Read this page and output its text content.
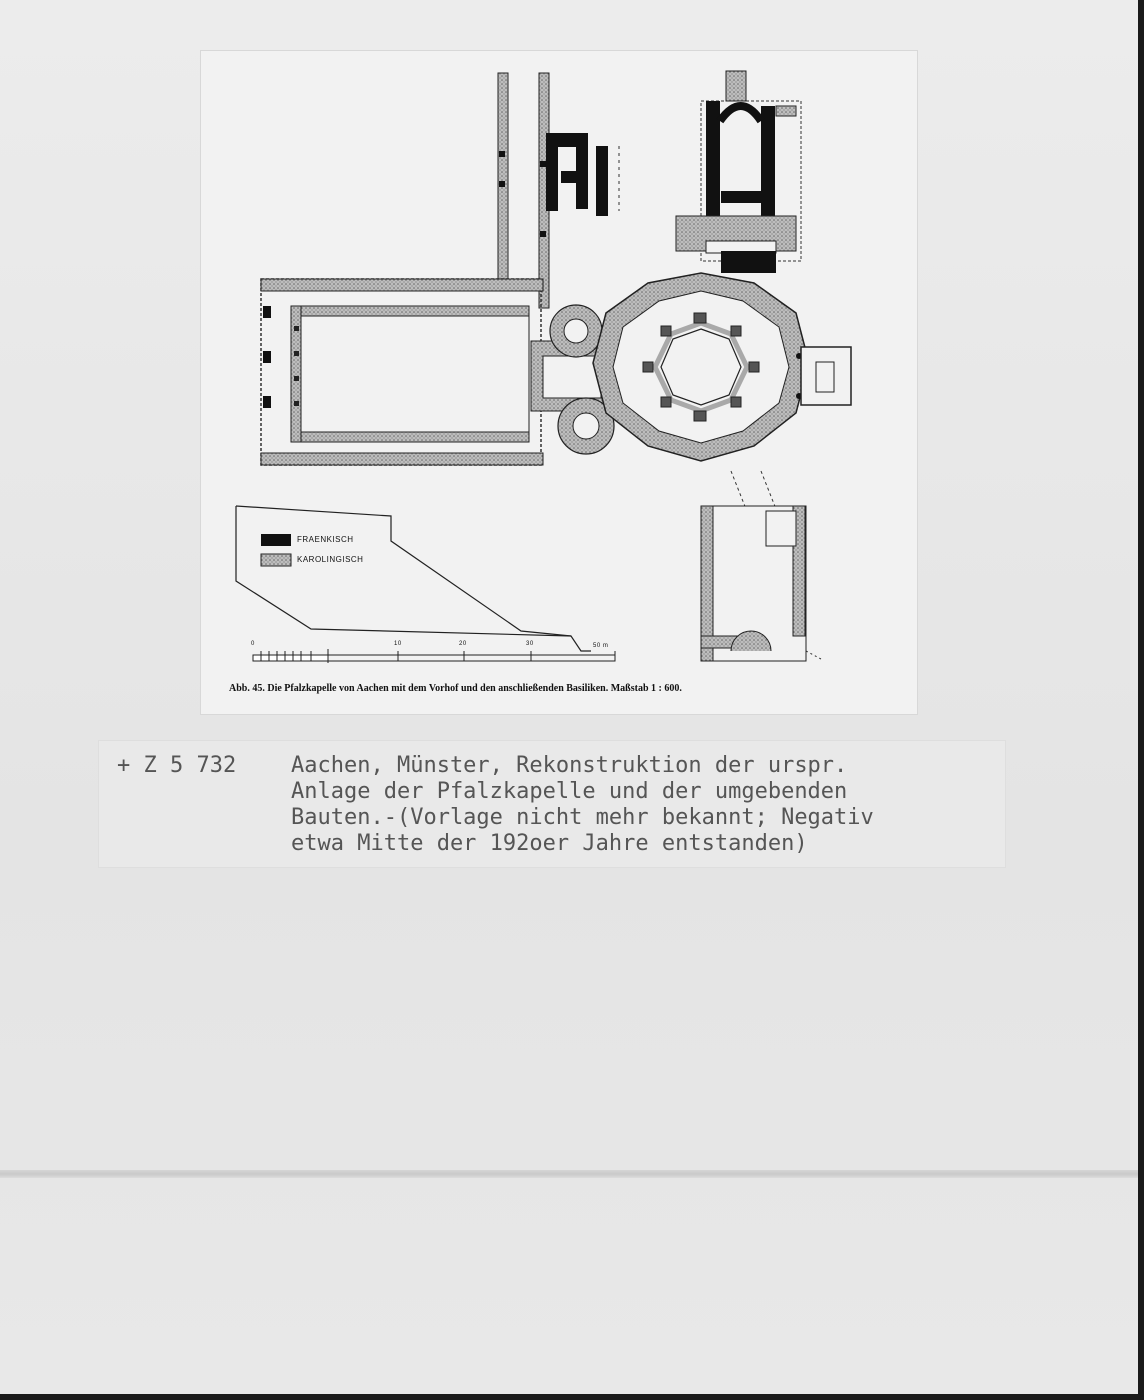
FRAENKISCH
KAROLINGISCH
0	10	20	30	50 m
Abb. 45. Die Pfalzkapelle von Aachen mit dem Vorhof und den anschließenden Basiliken. Maßstab 1 : 600.
+ Z 5 732 Aachen, Münster, Rekonstruktion der urspr.
Anlage der Pfalzkapelle und der umgebenden
Bauten.-(Vorlage nicht mehr bekannt; Negativ
etwa Mitte der 192oer Jahre entstanden)
